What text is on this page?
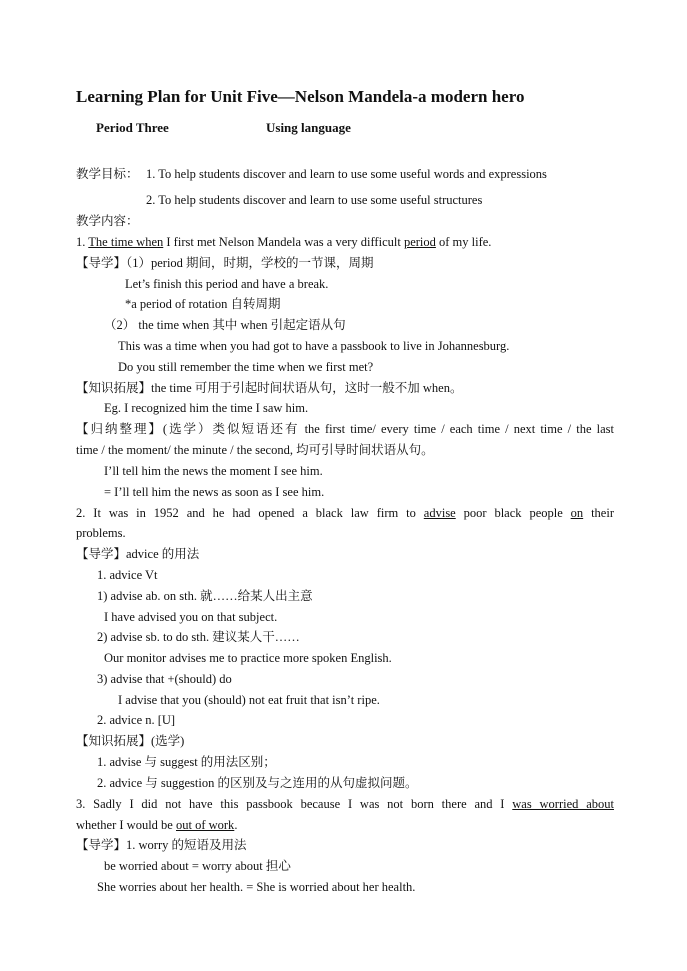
Learning Plan for Unit Five—Nelson Mandela-a modern hero
Period Three	Using language
教学目标： 1. To help students discover and learn to use some useful words and expressions
2. To help students discover and learn to use some useful structures
教学内容：
1. The time when I first met Nelson Mandela was a very difficult period of my life.
【导学】（1）period 期间，时期，学校的一节课，周期
Let’s finish this period and have a break.
*a period of rotation 自转周期
（2） the time when 其中 when 引起定语从句
This was a time when you had got to have a passbook to live in Johannesburg.
Do you still remember the time when we first met?
【知识拓展】the time 可用于引起时间状语从句，这时一般不加 when。
Eg. I recognized him the time I saw him.
【归纳整理】(选学）类似短语还有 the first time/ every time / each time / next time / the last
time / the moment/ the minute / the second, 均可引导时间状语从句。
I’ll tell him the news the moment I see him.
= I’ll tell him the news as soon as I see him.
2. It was in 1952 and he had opened a black law firm to advise poor black people on their
problems.
【导学】advice 的用法
1. advice Vt
1) advise ab. on sth. 就……给某人出主意
I have advised you on that subject.
2) advise sb. to do sth. 建议某人干……
Our monitor advises me to practice more spoken English.
3) advise that +(should) do
I advise that you (should) not eat fruit that isn’t ripe.
2. advice n. [U]
【知识拓展】(选学)
1. advise 与 suggest 的用法区别；
2. advice 与 suggestion 的区别及与之连用的从句虚拟问题。
3. Sadly I did not have this passbook because I was not born there and I was worried about
whether I would be out of work.
【导学】1. worry 的短语及用法
be worried about = worry about 担心
She worries about her health. = She is worried about her health.
